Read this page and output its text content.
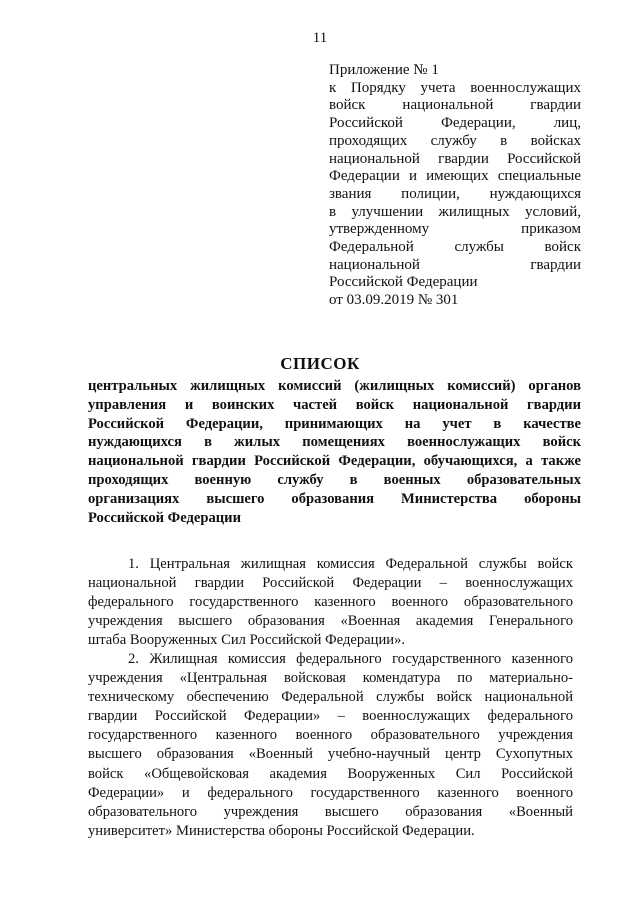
11
Приложение № 1
к Порядку учета военнослужащих
войск национальной гвардии
Российской Федерации, лиц,
проходящих службу в войсках
национальной гвардии Российской
Федерации и имеющих специальные
звания полиции, нуждающихся
в улучшении жилищных условий,
утвержденному приказом
Федеральной службы войск
национальной гвардии
Российской Федерации
от 03.09.2019 № 301
СПИСОК
центральных жилищных комиссий (жилищных комиссий) органов
управления и воинских частей войск национальной гвардии
Российской Федерации, принимающих на учет в качестве
нуждающихся в жилых помещениях военнослужащих войск
национальной гвардии Российской Федерации, обучающихся, а также
проходящих военную службу в военных образовательных
организациях высшего образования Министерства обороны
Российской Федерации
1. Центральная жилищная комиссия Федеральной службы войск
национальной гвардии Российской Федерации – военнослужащих
федерального государственного казенного военного образовательного
учреждения высшего образования «Военная академия Генерального
штаба Вооруженных Сил Российской Федерации».
2. Жилищная комиссия федерального государственного казенного
учреждения «Центральная войсковая комендатура по материально-
техническому обеспечению Федеральной службы войск национальной
гвардии Российской Федерации» – военнослужащих федерального
государственного казенного военного образовательного учреждения
высшего образования «Военный учебно-научный центр Сухопутных
войск «Общевойсковая академия Вооруженных Сил Российской
Федерации» и федерального государственного казенного военного
образовательного учреждения высшего образования «Военный
университет» Министерства обороны Российской Федерации.
